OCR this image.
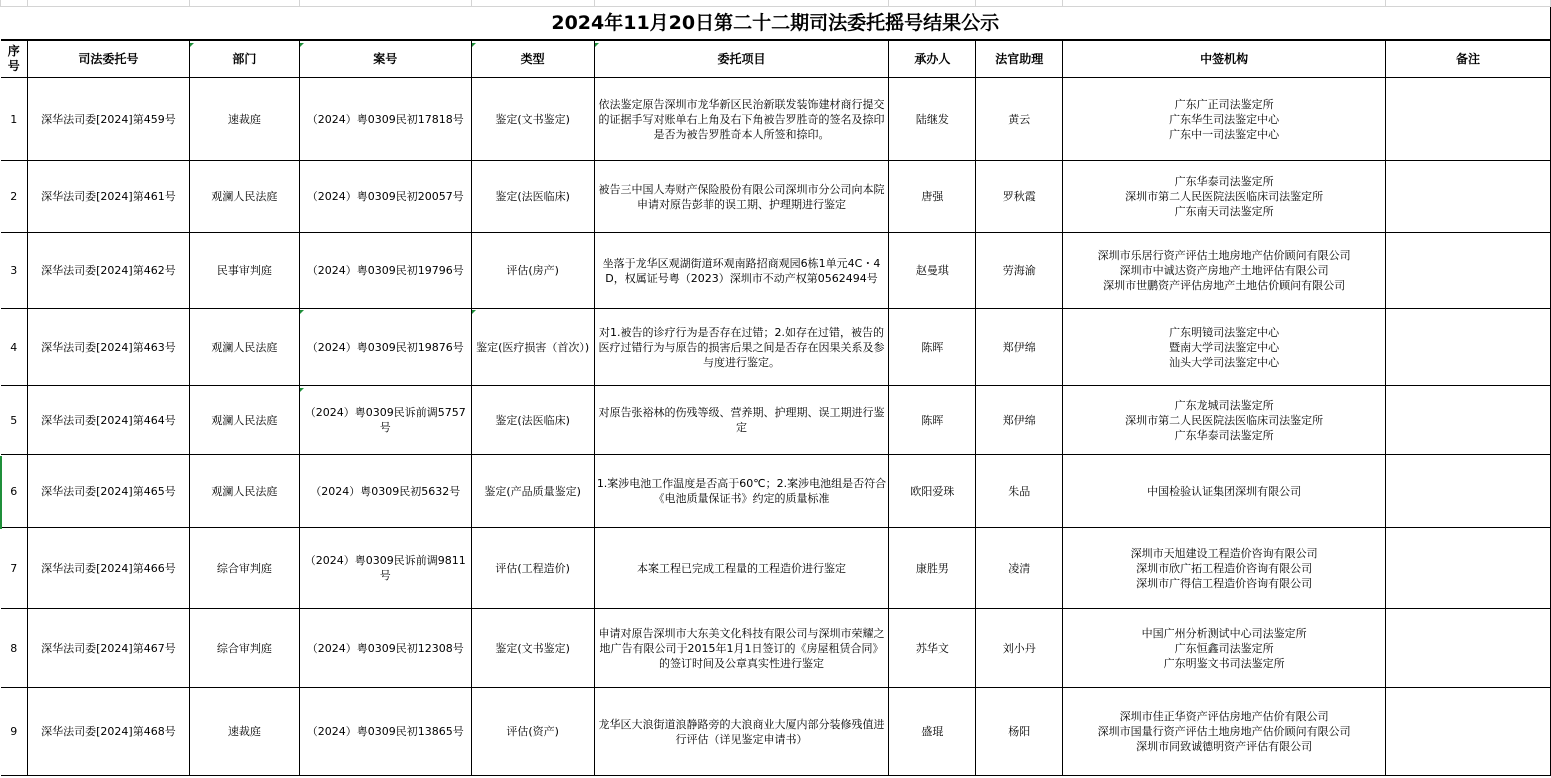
2024年11月20日第二十二期司法委托摇号结果公示									
序号	司法委托号	部门	案号	类型	委托项目	承办人	法官助理	中签机构	备注
1	深华法司委[2024]第459号	速裁庭	（2024）粤0309民初17818号	鉴定(文书鉴定)	依法鉴定原告深圳市龙华新区民治新联发装饰建材商行提交的证据手写对账单右上角及右下角被告罗胜奇的签名及捺印是否为被告罗胜奇本人所签和捺印。	陆继发	黄云	广东广正司法鉴定所
广东华生司法鉴定中心
广东中一司法鉴定中心	

2	深华法司委[2024]第461号	观澜人民法庭	（2024）粤0309民初20057号	鉴定(法医临床)	被告三中国人寿财产保险股份有限公司深圳市分公司向本院申请对原告彭菲的误工期、护理期进行鉴定	唐强	罗秋霞	广东华泰司法鉴定所
深圳市第二人民医院法医临床司法鉴定所
广东南天司法鉴定所	

3	深华法司委[2024]第462号	民事审判庭	（2024）粤0309民初19796号	评估(房产)	坐落于龙华区观湖街道环观南路招商观园6栋1单元4C・4D，权属证号粤（2023）深圳市不动产权第0562494号	赵曼琪	劳海渝	深圳市乐居行资产评估土地房地产估价顾问有限公司
深圳市中诚达资产房地产土地评估有限公司
深圳市世鹏资产评估房地产土地估价顾问有限公司	

4	深华法司委[2024]第463号	观澜人民法庭	（2024）粤0309民初19876号	鉴定(医疗损害（首次）)	对1.被告的诊疗行为是否存在过错；2.如存在过错，被告的医疗过错行为与原告的损害后果之间是否存在因果关系及参与度进行鉴定。	陈晖	郑伊绵	广东明镜司法鉴定中心
暨南大学司法鉴定中心
汕头大学司法鉴定中心	

5	深华法司委[2024]第464号	观澜人民法庭	（2024）粤0309民诉前调5757号	鉴定(法医临床)	对原告张裕林的伤残等级、营养期、护理期、误工期进行鉴定	陈晖	郑伊绵	广东龙城司法鉴定所
深圳市第二人民医院法医临床司法鉴定所
广东华泰司法鉴定所	

6	深华法司委[2024]第465号	观澜人民法庭	（2024）粤0309民初5632号	鉴定(产品质量鉴定)	1.案涉电池工作温度是否高于60℃；2.案涉电池组是否符合《电池质量保证书》约定的质量标准	欧阳爱珠	朱品	中国检验认证集团深圳有限公司	

7	深华法司委[2024]第466号	综合审判庭	（2024）粤0309民诉前调9811号	评估(工程造价)	本案工程已完成工程量的工程造价进行鉴定	康胜男	凌清	深圳市天旭建设工程造价咨询有限公司
深圳市欣广拓工程造价咨询有限公司
深圳市广得信工程造价咨询有限公司	

8	深华法司委[2024]第467号	综合审判庭	（2024）粤0309民初12308号	鉴定(文书鉴定)	申请对原告深圳市大东美文化科技有限公司与深圳市荣耀之地广告有限公司于2015年1月1日签订的《房屋租赁合同》的签订时间及公章真实性进行鉴定	苏华文	刘小丹	中国广州分析测试中心司法鉴定所
广东恒鑫司法鉴定所
广东明鉴文书司法鉴定所	

9	深华法司委[2024]第468号	速裁庭	（2024）粤0309民初13865号	评估(资产)	龙华区大浪街道浪静路旁的大浪商业大厦内部分装修残值进行评估（详见鉴定申请书）	盛琨	杨阳	深圳市佳正华资产评估房地产估价有限公司
深圳市国量行资产评估土地房地产估价顾问有限公司
深圳市同致诚德明资产评估有限公司	
